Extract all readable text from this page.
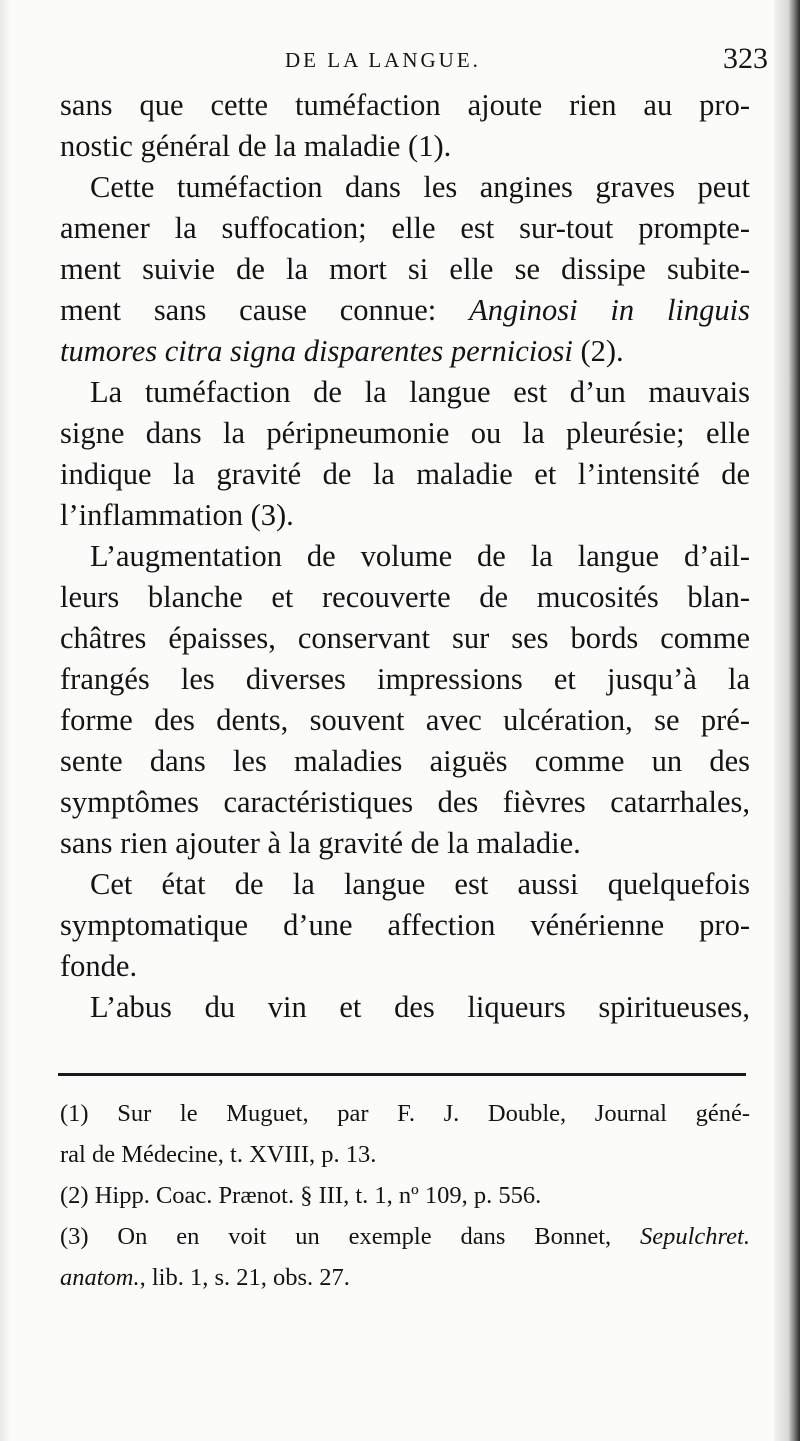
DE LA LANGUE.	323

sans que cette tuméfaction ajoute rien au pro-

nostic général de la maladie (1).

Cette tuméfaction dans les angines graves peut

amener la suffocation; elle est sur-tout prompte-

ment suivie de la mort si elle se dissipe subite-

ment sans cause connue: Anginosi in linguis

tumores citra signa disparentes perniciosi (2).

La tuméfaction de la langue est d’un mauvais

signe dans la péripneumonie ou la pleurésie; elle

indique la gravité de la maladie et l’intensité de

l’inflammation (3).

L’augmentation de volume de la langue d’ail-

leurs blanche et recouverte de mucosités blan-

châtres épaisses, conservant sur ses bords comme

frangés les diverses impressions et jusqu’à la

forme des dents, souvent avec ulcération, se pré-

sente dans les maladies aiguës comme un des

symptômes caractéristiques des fièvres catarrhales,

sans rien ajouter à la gravité de la maladie.

Cet état de la langue est aussi quelquefois

symptomatique d’une affection vénérienne pro-

fonde.

L’abus du vin et des liqueurs spiritueuses,

(1) Sur le Muguet, par F. J. Double, Journal géné-

ral de Médecine, t. XVIII, p. 13.

(2) Hipp. Coac. Prænot. § III, t. 1, nº 109, p. 556.

(3) On en voit un exemple dans Bonnet, Sepulchret.

anatom., lib. 1, s. 21, obs. 27.
